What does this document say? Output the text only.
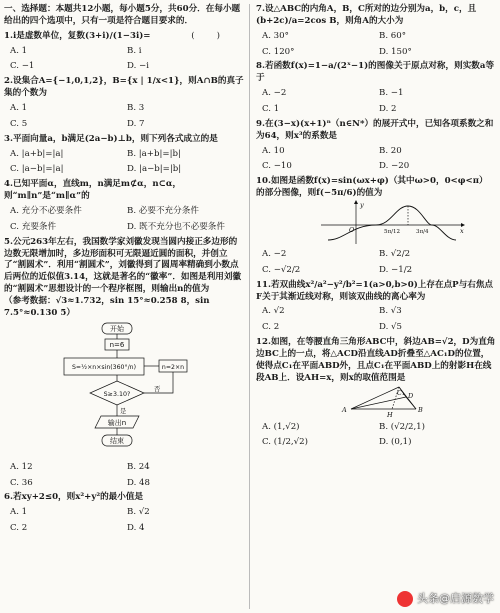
一、选择题：本题共12小题，每小题5分，共60分．在每小题给出的四个选项中，只有一项是符合题目要求的．
1.i是虚数单位，复数(3+i)/(1−3i)=	()
A. 1	B. i
C. −1	D. −i
2.设集合A={−1,0,1,2}，B={x | 1/x<1}，则A∩B的真子集的个数为
A. 1	B. 3
C. 5	D. 7
3.平面向量a，b满足(2a−b)⊥b，则下列各式成立的是
A. |a+b|=|a|	B. |a+b|=|b|
C. |a−b|=|a|	D. |a−b|=|b|
4.已知平面α，直线m，n满足m⊄α，n⊂α，则“m∥n”是“m∥α”的
A. 充分不必要条件	B. 必要不充分条件
C. 充要条件	D. 既不充分也不必要条件
5.公元263年左右，我国数学家刘徽发现当圆内接正多边形的边数无限增加时，多边形面积可无限逼近圆的面积，并创立了“割圆术”．利用“割圆术”，刘徽得到了圆周率精确到小数点后两位的近似值3.14，这就是著名的“徽率”．如图是利用刘徽的“割圆术”思想设计的一个程序框图，则输出n的值为
（参考数据：√3≈1.732，sin 15°≈0.258 8，sin 7.5°≈0.130 5）
开始
n=6
S=½×n×sin(360°/n)	n=2×n
S≥3.10?
否
是
输出n
结束
A. 12	B. 24
C. 36	D. 48
6.若xy+2≤0，则x²+y²的最小值是
A. 1	B. √2
C. 2	D. 4
7.设△ABC的内角A，B，C所对的边分别为a，b，c，且(b+2c)/a=2cos B，则角A的大小为
A. 30°	B. 60°
C. 120°	D. 150°
8.若函数f(x)=1−a/(2ˣ−1)的图像关于原点对称，则实数a等于
A. −2	B. −1
C. 1	D. 2
9.在(3−x)(x+1)ⁿ（n∈N*）的展开式中，已知各项系数之和为64，则x³的系数是
A. 10	B. 20
C. −10	D. −20
10.如图是函数f(x)=sin(ωx+φ)（其中ω>0，0<φ<π）的部分图像，则f(−5π/6)的值为
y
x
O	5π/12	3π/4
A. −2	B. √2/2
C. −√2/2	D. −1/2
11.若双曲线x²/a²−y²/b²=1(a>0,b>0)上存在点P与右焦点F关于其渐近线对称，则该双曲线的离心率为
A. √2	B. √3
C. 2	D. √5
12.如图，在等腰直角三角形ABC中，斜边AB=√2，D为直角边BC上的一点，将△ACD沿直线AD折叠至△AC₁D的位置，使得点C₁在平面ABD外，且点C₁在平面ABD上的射影H在线段AB上．设AH=x，则x的取值范围是
A	B
C₁ D
H
A. (1,√2)	B. (√2/2,1)
C. (1/2,√2)	D. (0,1)
头条@启源数学
